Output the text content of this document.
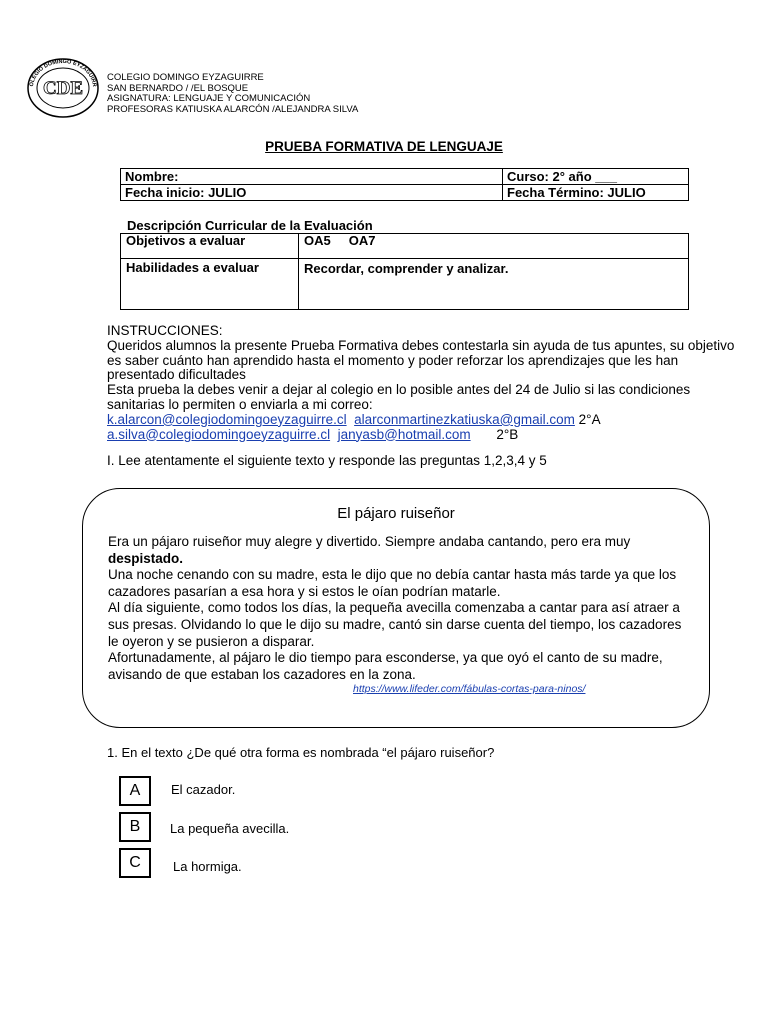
CDE
OLEGIO DOMINGO EYZAGUIRR
COLEGIO DOMINGO EYZAGUIRRE
SAN BERNARDO / /EL BOSQUE
ASIGNATURA: LENGUAJE Y COMUNICACIÓN
PROFESORAS KATIUSKA ALARCÓN /ALEJANDRA SILVA
PRUEBA FORMATIVA DE LENGUAJE
Nombre:	Curso: 2° año ___
Fecha inicio: JULIO	Fecha Término: JULIO
Descripción Curricular de la Evaluación
Objetivos a evaluar	OA5     OA7
Habilidades a evaluar	Recordar, comprender y analizar.
INSTRUCCIONES:
Queridos alumnos la presente Prueba Formativa debes contestarla sin ayuda de tus apuntes, su objetivo es saber cuánto han aprendido hasta el momento y poder reforzar los aprendizajes que les han presentado dificultades
Esta prueba la debes venir a dejar al colegio en lo posible antes del 24 de Julio si las condiciones sanitarias lo permiten o enviarla a mi correo:
k.alarcon@colegiodomingoeyzaguirre.cl alarconmartinezkatiuska@gmail.com 2°A
a.silva@colegiodomingoeyzaguirre.cl janyasb@hotmail.com 2°B
I. Lee atentamente el siguiente texto y responde las preguntas 1,2,3,4 y 5
El pájaro ruiseñor
Era un pájaro ruiseñor muy alegre y divertido. Siempre andaba cantando, pero era muy despistado.
Una noche cenando con su madre, esta le dijo que no debía cantar hasta más tarde ya que los cazadores pasarían a esa hora y si estos le oían podrían matarle.
Al día siguiente, como todos los días, la pequeña avecilla comenzaba a cantar para así atraer a sus presas. Olvidando lo que le dijo su madre, cantó sin darse cuenta del tiempo, los cazadores le oyeron y se pusieron a disparar.
Afortunadamente, al pájaro le dio tiempo para esconderse, ya que oyó el canto de su madre, avisando de que estaban los cazadores en la zona.
https://www.lifeder.com/fábulas-cortas-para-ninos/
1. En el texto ¿De qué otra forma es nombrada “el pájaro ruiseñor?
A	El cazador.
B	La pequeña avecilla.
C	La hormiga.
